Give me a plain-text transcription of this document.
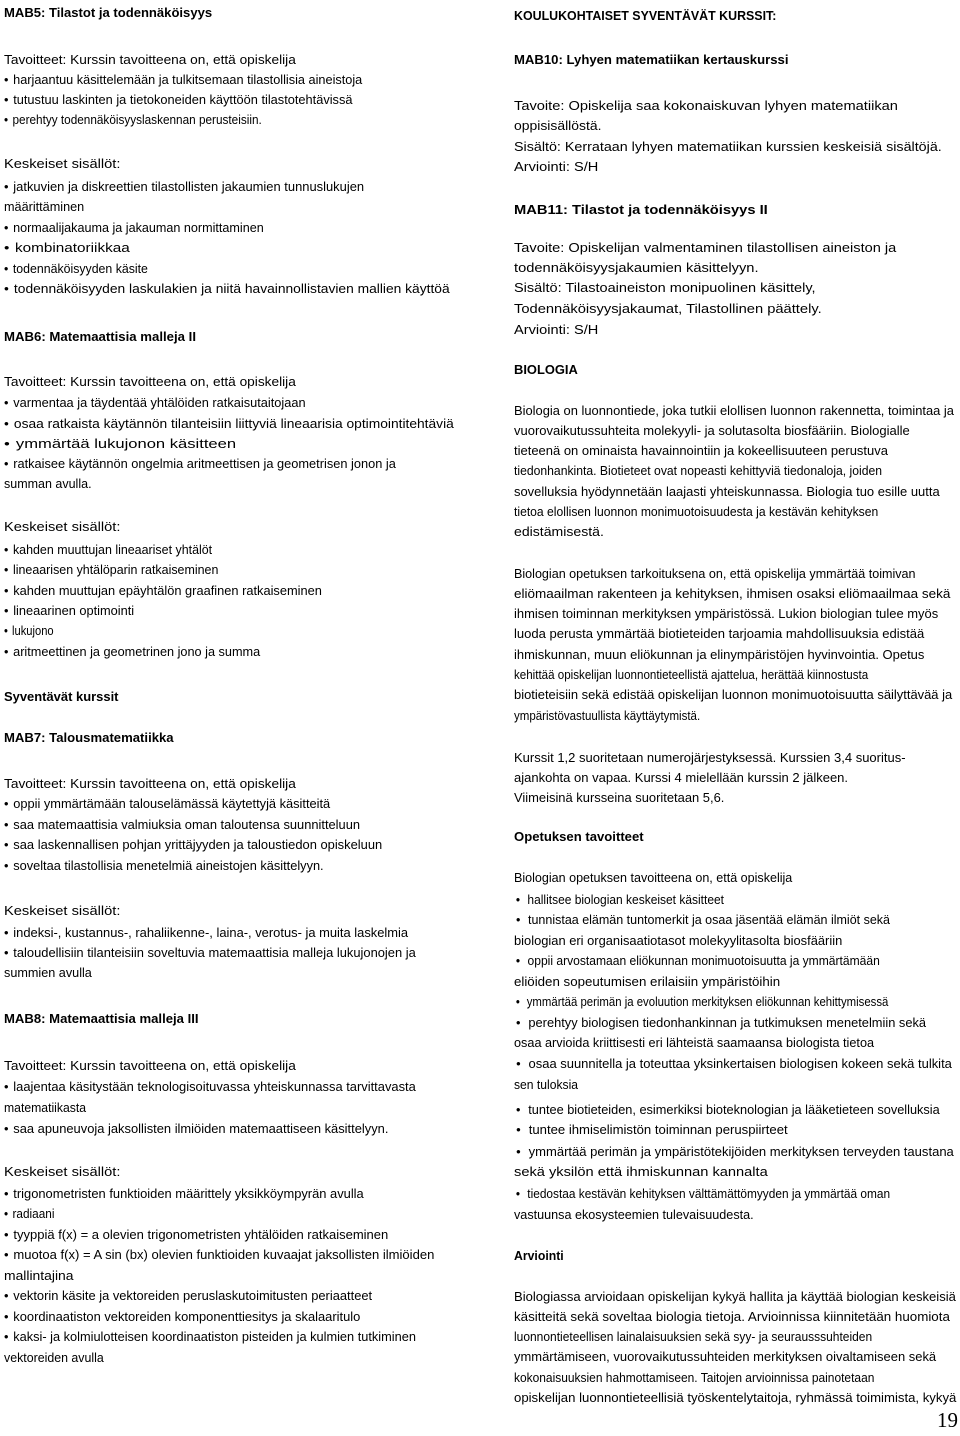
MAB5: Tilastot ja todennäköisyys
Tavoitteet: Kurssin tavoitteena on, että opiskelija
• harjaantuu käsittelemään ja tulkitsemaan tilastollisia aineistoja
• tutustuu laskinten ja tietokoneiden käyttöön tilastotehtävissä
• perehtyy todennäköisyyslaskennan perusteisiin.
Keskeiset sisällöt:
• jatkuvien ja diskreettien tilastollisten jakaumien tunnuslukujen
määrittäminen
• normaalijakauma ja jakauman normittaminen
• kombinatoriikkaa
• todennäköisyyden käsite
• todennäköisyyden laskulakien ja niitä havainnollistavien mallien käyttöä
MAB6: Matemaattisia malleja II
Tavoitteet: Kurssin tavoitteena on, että opiskelija
• varmentaa ja täydentää yhtälöiden ratkaisutaitojaan
• osaa ratkaista käytännön tilanteisiin liittyviä lineaarisia optimointitehtäviä
• ymmärtää lukujonon käsitteen
• ratkaisee käytännön ongelmia aritmeettisen ja geometrisen jonon ja
summan avulla.
Keskeiset sisällöt:
• kahden muuttujan lineaariset yhtälöt
• lineaarisen yhtälöparin ratkaiseminen
• kahden muuttujan epäyhtälön graafinen ratkaiseminen
• lineaarinen optimointi
• lukujono
• aritmeettinen ja geometrinen jono ja summa
Syventävät kurssit
MAB7: Talousmatematiikka
Tavoitteet: Kurssin tavoitteena on, että opiskelija
• oppii ymmärtämään talouselämässä käytettyjä käsitteitä
• saa matemaattisia valmiuksia oman taloutensa suunnitteluun
• saa laskennallisen pohjan yrittäjyyden ja taloustiedon opiskeluun
• soveltaa tilastollisia menetelmiä aineistojen käsittelyyn.
Keskeiset sisällöt:
• indeksi-, kustannus-, rahaliikenne-, laina-, verotus- ja muita laskelmia
• taloudellisiin tilanteisiin soveltuvia matemaattisia malleja lukujonojen ja
summien avulla
MAB8: Matemaattisia malleja III
Tavoitteet: Kurssin tavoitteena on, että opiskelija
• laajentaa käsitystään teknologisoituvassa yhteiskunnassa tarvittavasta
matematiikasta
• saa apuneuvoja jaksollisten ilmiöiden matemaattiseen käsittelyyn.
Keskeiset sisällöt:
• trigonometristen funktioiden määrittely yksikköympyrän avulla
• radiaani
• tyyppiä f(x) = a olevien trigonometristen yhtälöiden ratkaiseminen
• muotoa f(x) = A sin (bx) olevien funktioiden kuvaajat jaksollisten ilmiöiden
mallintajina
• vektorin käsite ja vektoreiden peruslaskutoimitusten periaatteet
• koordinaatiston vektoreiden komponenttiesitys ja skalaaritulo
• kaksi- ja kolmiulotteisen koordinaatiston pisteiden ja kulmien tutkiminen
vektoreiden avulla
KOULUKOHTAISET SYVENTÄVÄT KURSSIT:
MAB10: Lyhyen matematiikan kertauskurssi
Tavoite: Opiskelija saa kokonaiskuvan lyhyen matematiikan
oppisisällöstä.
Sisältö: Kerrataan lyhyen matematiikan kurssien keskeisiä sisältöjä.
Arviointi: S/H
MAB11: Tilastot ja todennäköisyys II
Tavoite: Opiskelijan valmentaminen tilastollisen aineiston ja
todennäköisyysjakaumien käsittelyyn.
Sisältö: Tilastoaineiston monipuolinen käsittely,
Todennäköisyysjakaumat, Tilastollinen päättely.
Arviointi: S/H
BIOLOGIA
Biologia on luonnontiede, joka tutkii elollisen luonnon rakennetta, toimintaa ja
vuorovaikutussuhteita molekyyli- ja solutasolta biosfääriin. Biologialle
tieteenä on ominaista havainnointiin ja kokeellisuuteen perustuva
tiedonhankinta. Biotieteet ovat nopeasti kehittyviä tiedonaloja, joiden
sovelluksia hyödynnetään laajasti yhteiskunnassa. Biologia tuo esille uutta
tietoa elollisen luonnon monimuotoisuudesta ja kestävän kehityksen
edistämisestä.
Biologian opetuksen tarkoituksena on, että opiskelija ymmärtää toimivan
eliömaailman rakenteen ja kehityksen, ihmisen osaksi eliömaailmaa sekä
ihmisen toiminnan merkityksen ympäristössä. Lukion biologian tulee myös
luoda perusta ymmärtää biotieteiden tarjoamia mahdollisuuksia edistää
ihmiskunnan, muun eliökunnan ja elinympäristöjen hyvinvointia. Opetus
kehittää opiskelijan luonnontieteellistä ajattelua, herättää kiinnostusta
biotieteisiin sekä edistää opiskelijan luonnon monimuotoisuutta säilyttävää ja
ympäristövastuullista käyttäytymistä.
Kurssit 1,2 suoritetaan numerojärjestyksessä. Kurssien 3,4 suoritus-
ajankohta on vapaa. Kurssi 4 mielellään kurssin 2 jälkeen.
Viimeisinä kursseina suoritetaan 5,6.
Opetuksen tavoitteet
Biologian opetuksen tavoitteena on, että opiskelija
• hallitsee biologian keskeiset käsitteet
• tunnistaa elämän tuntomerkit ja osaa jäsentää elämän ilmiöt sekä
biologian eri organisaatiotasot molekyylitasolta biosfääriin
• oppii arvostamaan eliökunnan monimuotoisuutta ja ymmärtämään
eliöiden sopeutumisen erilaisiin ympäristöihin
• ymmärtää perimän ja evoluution merkityksen eliökunnan kehittymisessä
• perehtyy biologisen tiedonhankinnan ja tutkimuksen menetelmiin sekä
osaa arvioida kriittisesti eri lähteistä saamaansa biologista tietoa
• osaa suunnitella ja toteuttaa yksinkertaisen biologisen kokeen sekä tulkita
sen tuloksia
• tuntee biotieteiden, esimerkiksi bioteknologian ja lääketieteen sovelluksia
• tuntee ihmiselimistön toiminnan peruspiirteet
• ymmärtää perimän ja ympäristötekijöiden merkityksen terveyden taustana
sekä yksilön että ihmiskunnan kannalta
• tiedostaa kestävän kehityksen välttämättömyyden ja ymmärtää oman
vastuunsa ekosysteemien tulevaisuudesta.
Arviointi
Biologiassa arvioidaan opiskelijan kykyä hallita ja käyttää biologian keskeisiä
käsitteitä sekä soveltaa biologia tietoja. Arvioinnissa kiinnitetään huomiota
luonnontieteellisen lainalaisuuksien sekä syy- ja seurausssuhteiden
ymmärtämiseen, vuorovaikutussuhteiden merkityksen oivaltamiseen sekä
kokonaisuuksien hahmottamiseen. Taitojen arvioinnissa painotetaan
opiskelijan luonnontieteellisiä työskentelytaitoja, ryhmässä toimimista, kykyä
19
